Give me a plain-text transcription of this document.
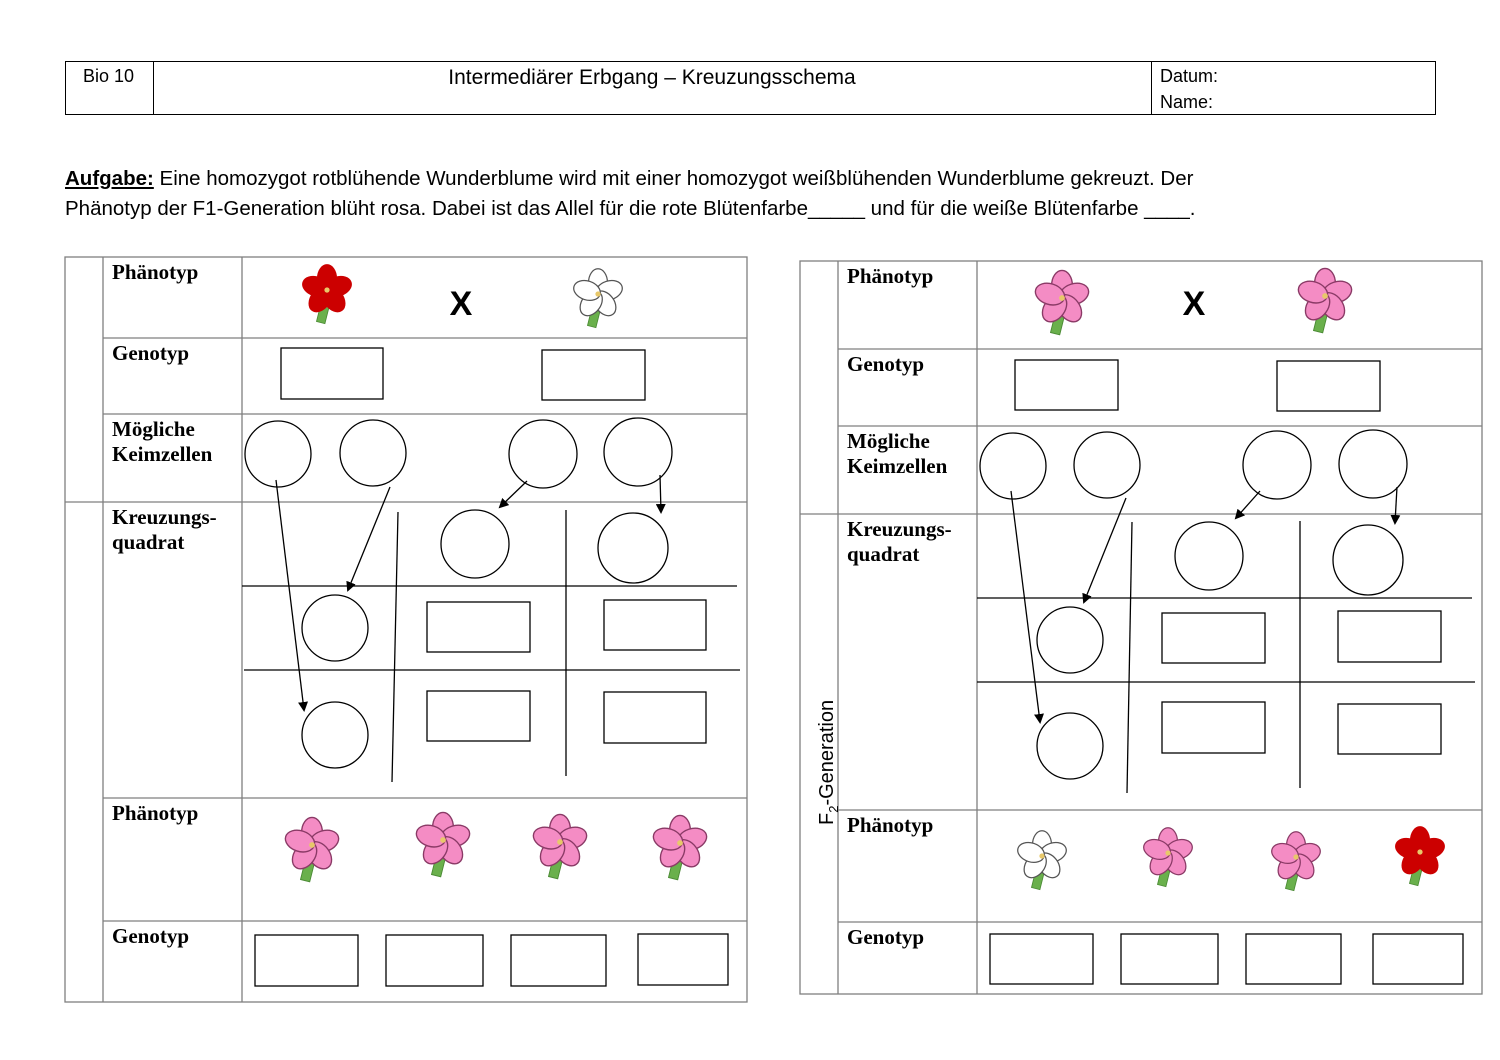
Bio 10	Intermediärer Erbgang – Kreuzungsschema	Datum:
Name:
Aufgabe: Eine homozygot rotblühende Wunderblume wird mit einer homozygot weißblühenden Wunderblume gekreuzt. Der
Phänotyp der F1-Generation blüht rosa. Dabei ist das Allel für die rote Blütenfarbe_____ und für die weiße Blütenfarbe ____.
X	X
$F_2$-Generation
Phänotyp
Genotyp
Mögliche
Keimzellen
Kreuzungs-
quadrat
Phänotyp
Genotyp
Phänotyp
Genotyp
Mögliche
Keimzellen
Kreuzungs-
quadrat
Phänotyp
Genotyp
